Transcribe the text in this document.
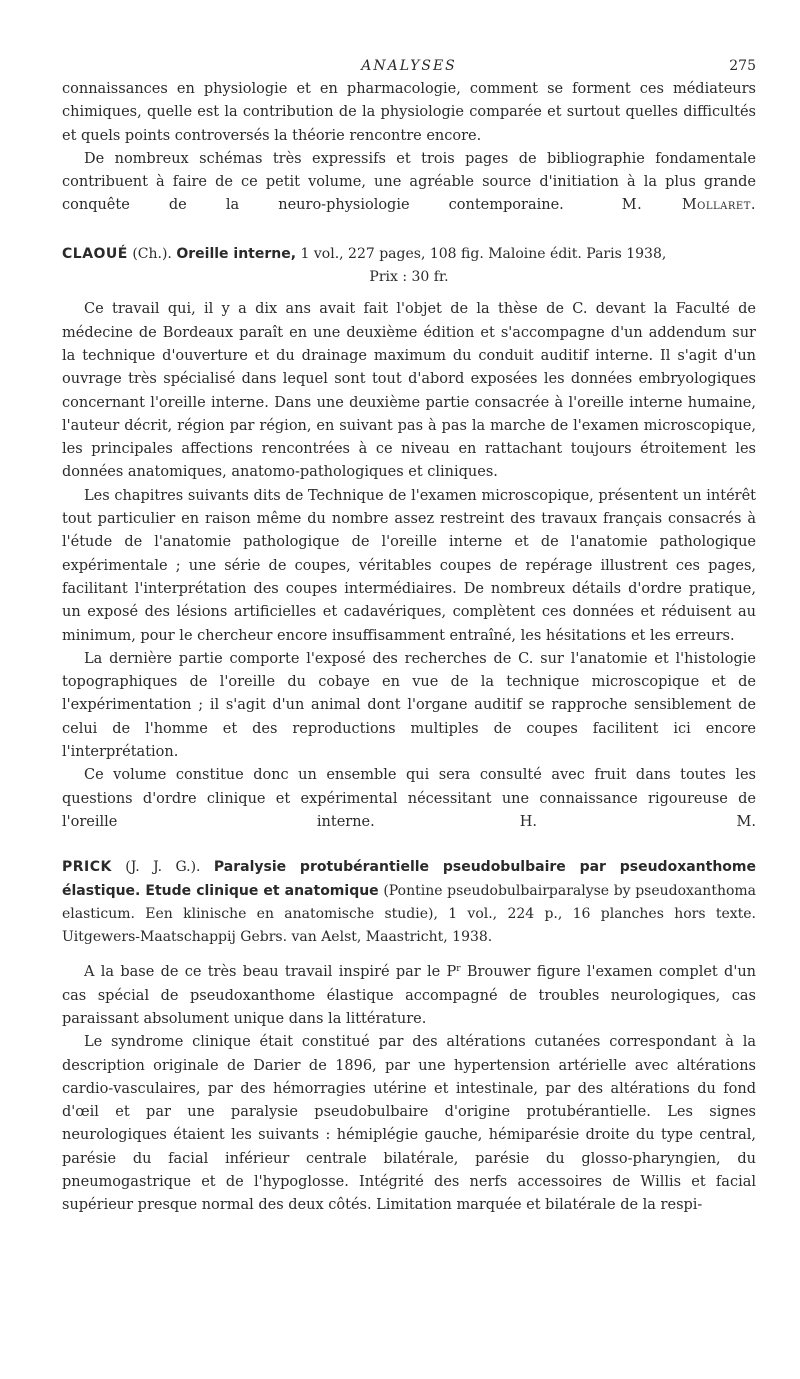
ANALYSES	275

connaissances en physiologie et en pharmacologie, comment se forment ces médiateurs chimiques, quelle est la contribution de la physiologie comparée et surtout quelles difficultés et quels points controversés la théorie rencontre encore.

De nombreux schémas très expressifs et trois pages de bibliographie fondamentale contribuent à faire de ce petit volume, une agréable source d'initiation à la plus grande conquête de la neuro-physiologie contemporaine.    	M. Mollaret.

CLAOUÉ (Ch.). Oreille interne, 1 vol., 227 pages, 108 fig. Maloine édit. Paris 1938,

Prix : 30 fr.

Ce travail qui, il y a dix ans avait fait l'objet de la thèse de C. devant la Faculté de médecine de Bordeaux paraît en une deuxième édition et s'accompagne d'un addendum sur la technique d'ouverture et du drainage maximum du conduit auditif interne. Il s'agit d'un ouvrage très spécialisé dans lequel sont tout d'abord exposées les données embryologiques concernant l'oreille interne. Dans une deuxième partie consacrée à l'oreille interne humaine, l'auteur décrit, région par région, en suivant pas à pas la marche de l'examen microscopique, les principales affections rencontrées à ce niveau en rattachant toujours étroitement les données anatomiques, anatomo-pathologiques et cliniques.

Les chapitres suivants dits de Technique de l'examen microscopique, présentent un intérêt tout particulier en raison même du nombre assez restreint des travaux français consacrés à l'étude de l'anatomie pathologique de l'oreille interne et de l'anatomie pathologique expérimentale ; une série de coupes, véritables coupes de repérage illustrent ces pages, facilitant l'interprétation des coupes intermédiaires. De nombreux détails d'ordre pratique, un exposé des lésions artificielles et cadavériques, complètent ces données et réduisent au minimum, pour le chercheur encore insuffisamment entraîné, les hésitations et les erreurs.

La dernière partie comporte l'exposé des recherches de C. sur l'anatomie et l'histologie topographiques de l'oreille du cobaye en vue de la technique microscopique et de l'expérimentation ; il s'agit d'un animal dont l'organe auditif se rapproche sensiblement de celui de l'homme et des reproductions multiples de coupes facilitent ici encore l'interprétation.

Ce volume constitue donc un ensemble qui sera consulté avec fruit dans toutes les questions d'ordre clinique et expérimental nécessitant une connaissance rigoureuse de l'oreille interne.          	H. M.

PRICK (J. J. G.). Paralysie protubérantielle pseudobulbaire par pseudoxanthome élastique. Etude clinique et anatomique (Pontine pseudobulbairparalyse by pseudoxanthoma elasticum. Een klinische en anatomische studie), 1 vol., 224 p., 16 planches hors texte. Uitgewers-Maatschappij Gebrs. van Aelst, Maastricht, 1938.

A la base de ce très beau travail inspiré par le $P^r$ Brouwer figure l'examen complet d'un cas spécial de pseudoxanthome élastique accompagné de troubles neurologiques, cas paraissant absolument unique dans la littérature.

Le syndrome clinique était constitué par des altérations cutanées correspondant à la description originale de Darier de 1896, par une hypertension artérielle avec altérations cardio-vasculaires, par des hémorragies utérine et intestinale, par des altérations du fond d'œil et par une paralysie pseudobulbaire d'origine protubérantielle. Les signes neurologiques étaient les suivants : hémiplégie gauche, hémiparésie droite du type central, parésie du facial inférieur centrale bilatérale, parésie du glosso-pharyngien, du pneumogastrique et de l'hypoglosse. Intégrité des nerfs accessoires de Willis et facial supérieur presque normal des deux côtés. Limitation marquée et bilatérale de la respi-
